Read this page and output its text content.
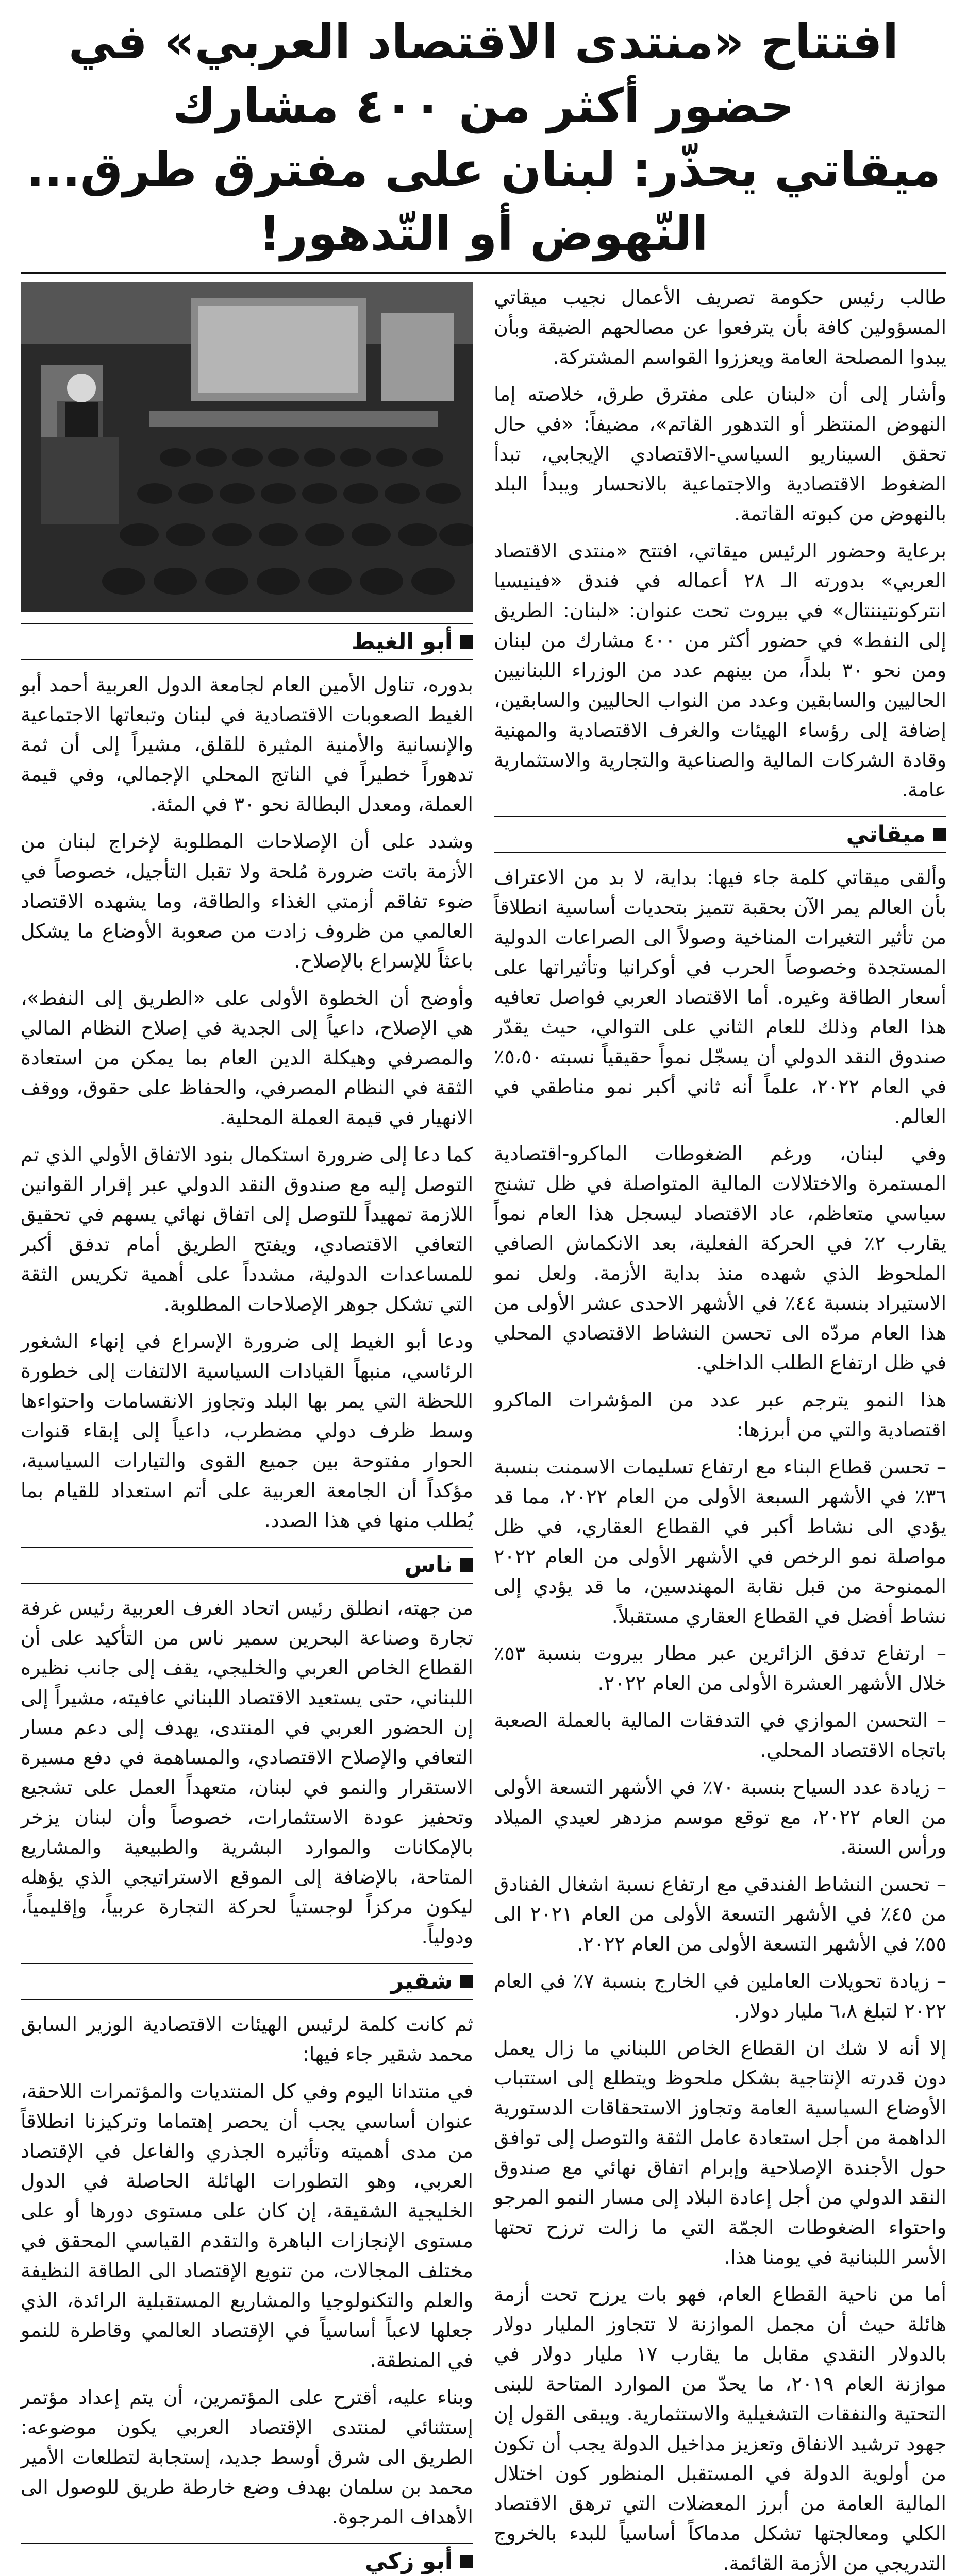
افتتاح «منتدى الاقتصاد العربي» في حضور أكثر من ٤٠٠ مشارك
ميقاتي يحذّر: لبنان على مفترق طرق... النّهوض أو التّدهور!

طالب رئيس حكومة تصريف الأعمال نجيب ميقاتي المسؤولين كافة بأن يترفعوا عن مصالحهم الضيقة وبأن يبدوا المصلحة العامة ويعززوا القواسم المشتركة.

وأشار إلى أن «لبنان على مفترق طرق، خلاصته إما النهوض المنتظر أو التدهور القاتم»، مضيفاً: «في حال تحقق السيناريو السياسي-الاقتصادي الإيجابي، تبدأ الضغوط الاقتصادية والاجتماعية بالانحسار ويبدأ البلد بالنهوض من كبوته القاتمة.

برعاية وحضور الرئيس ميقاتي، افتتح «منتدى الاقتصاد العربي» بدورته الـ ٢٨ أعماله في فندق «فينيسيا انتركونتيننتال» في بيروت تحت عنوان: «لبنان: الطريق إلى النفط» في حضور أكثر من ٤٠٠ مشارك من لبنان ومن نحو ٣٠ بلداً، من بينهم عدد من الوزراء اللبنانيين الحاليين والسابقين وعدد من النواب الحاليين والسابقين، إضافة إلى رؤساء الهيئات والغرف الاقتصادية والمهنية وقادة الشركات المالية والصناعية والتجارية والاستثمارية عامة.

ميقاتي

وألقى ميقاتي كلمة جاء فيها: بداية، لا بد من الاعتراف بأن العالم يمر الآن بحقبة تتميز بتحديات أساسية انطلاقاً من تأثير التغيرات المناخية وصولاً الى الصراعات الدولية المستجدة وخصوصاً الحرب في أوكرانيا وتأثيراتها على أسعار الطاقة وغيره. أما الاقتصاد العربي فواصل تعافيه هذا العام وذلك للعام الثاني على التوالي، حيث يقدّر صندوق النقد الدولي أن يسجّل نمواً حقيقياً نسبته ٥،٥٠٪ في العام ٢٠٢٢، علماً أنه ثاني أكبر نمو مناطقي في العالم.

وفي لبنان، ورغم الضغوطات الماكرو-اقتصادية المستمرة والاختلالات المالية المتواصلة في ظل تشنج سياسي متعاظم، عاد الاقتصاد ليسجل هذا العام نمواً يقارب ٢٪ في الحركة الفعلية، بعد الانكماش الصافي الملحوظ الذي شهده منذ بداية الأزمة. ولعل نمو الاستيراد بنسبة ٤٤٪ في الأشهر الاحدى عشر الأولى من هذا العام مردّه الى تحسن النشاط الاقتصادي المحلي في ظل ارتفاع الطلب الداخلي.

هذا النمو يترجم عبر عدد من المؤشرات الماكرو اقتصادية والتي من أبرزها:

– تحسن قطاع البناء مع ارتفاع تسليمات الاسمنت بنسبة ٣٦٪ في الأشهر السبعة الأولى من العام ٢٠٢٢، مما قد يؤدي الى نشاط أكبر في القطاع العقاري، في ظل مواصلة نمو الرخص في الأشهر الأولى من العام ٢٠٢٢ الممنوحة من قبل نقابة المهندسين، ما قد يؤدي إلى نشاط أفضل في القطاع العقاري مستقبلاً.

– ارتفاع تدفق الزائرين عبر مطار بيروت بنسبة ٥٣٪ خلال الأشهر العشرة الأولى من العام ٢٠٢٢.

– التحسن الموازي في التدفقات المالية بالعملة الصعبة باتجاه الاقتصاد المحلي.

– زيادة عدد السياح بنسبة ٧٠٪ في الأشهر التسعة الأولى من العام ٢٠٢٢، مع توقع موسم مزدهر لعيدي الميلاد ورأس السنة.

– تحسن النشاط الفندقي مع ارتفاع نسبة اشغال الفنادق من ٤٥٪ في الأشهر التسعة الأولى من العام ٢٠٢١ الى ٥٥٪ في الأشهر التسعة الأولى من العام ٢٠٢٢.

– زيادة تحويلات العاملين في الخارج بنسبة ٧٪ في العام ٢٠٢٢ لتبلغ ٦،٨ مليار دولار.

إلا أنه لا شك ان القطاع الخاص اللبناني ما زال يعمل دون قدرته الإنتاجية بشكل ملحوظ ويتطلع إلى استتباب الأوضاع السياسية العامة وتجاوز الاستحقاقات الدستورية الداهمة من أجل استعادة عامل الثقة والتوصل إلى توافق حول الأجندة الإصلاحية وإبرام اتفاق نهائي مع صندوق النقد الدولي من أجل إعادة البلاد إلى مسار النمو المرجو واحتواء الضغوطات الجمّة التي ما زالت ترزح تحتها الأسر اللبنانية في يومنا هذا.

أما من ناحية القطاع العام، فهو بات يرزح تحت أزمة هائلة حيث أن مجمل الموازنة لا تتجاوز المليار دولار بالدولار النقدي مقابل ما يقارب ١٧ مليار دولار في موازنة العام ٢٠١٩، ما يحدّ من الموارد المتاحة للبنى التحتية والنفقات التشغيلية والاستثمارية. ويبقى القول إن جهود ترشيد الانفاق وتعزيز مداخيل الدولة يجب أن تكون من أولوية الدولة في المستقبل المنظور كون اختلال المالية العامة من أبرز المعضلات التي ترهق الاقتصاد الكلي ومعالجتها تشكل مدماكاً أساسياً للبدء بالخروج التدريجي من الأزمة القائمة.

أبو الغيط

بدوره، تناول الأمين العام لجامعة الدول العربية أحمد أبو الغيط الصعوبات الاقتصادية في لبنان وتبعاتها الاجتماعية والإنسانية والأمنية المثيرة للقلق، مشيراً إلى أن ثمة تدهوراً خطيراً في الناتج المحلي الإجمالي، وفي قيمة العملة، ومعدل البطالة نحو ٣٠ في المئة.

وشدد على أن الإصلاحات المطلوبة لإخراج لبنان من الأزمة باتت ضرورة مُلحة ولا تقبل التأجيل، خصوصاً في ضوء تفاقم أزمتي الغذاء والطاقة، وما يشهده الاقتصاد العالمي من ظروف زادت من صعوبة الأوضاع ما يشكل باعثاً للإسراع بالإصلاح.

وأوضح أن الخطوة الأولى على «الطريق إلى النفط»، هي الإصلاح، داعياً إلى الجدية في إصلاح النظام المالي والمصرفي وهيكلة الدين العام بما يمكن من استعادة الثقة في النظام المصرفي، والحفاظ على حقوق، ووقف الانهيار في قيمة العملة المحلية.

كما دعا إلى ضرورة استكمال بنود الاتفاق الأولي الذي تم التوصل إليه مع صندوق النقد الدولي عبر إقرار القوانين اللازمة تمهيداً للتوصل إلى اتفاق نهائي يسهم في تحقيق التعافي الاقتصادي، ويفتح الطريق أمام تدفق أكبر للمساعدات الدولية، مشدداً على أهمية تكريس الثقة التي تشكل جوهر الإصلاحات المطلوبة.

ودعا أبو الغيط إلى ضرورة الإسراع في إنهاء الشغور الرئاسي، منبهاً القيادات السياسية الالتفات إلى خطورة اللحظة التي يمر بها البلد وتجاوز الانقسامات واحتواءها وسط ظرف دولي مضطرب، داعياً إلى إبقاء قنوات الحوار مفتوحة بين جميع القوى والتيارات السياسية، مؤكداً أن الجامعة العربية على أتم استعداد للقيام بما يُطلب منها في هذا الصدد.

ناس

من جهته، انطلق رئيس اتحاد الغرف العربية رئيس غرفة تجارة وصناعة البحرين سمير ناس من التأكيد على أن القطاع الخاص العربي والخليجي، يقف إلى جانب نظيره اللبناني، حتى يستعيد الاقتصاد اللبناني عافيته، مشيراً إلى إن الحضور العربي في المنتدى، يهدف إلى دعم مسار التعافي والإصلاح الاقتصادي، والمساهمة في دفع مسيرة الاستقرار والنمو في لبنان، متعهداً العمل على تشجيع وتحفيز عودة الاستثمارات، خصوصاً وأن لبنان يزخر بالإمكانات والموارد البشرية والطبيعية والمشاريع المتاحة، بالإضافة إلى الموقع الاستراتيجي الذي يؤهله ليكون مركزاً لوجستياً لحركة التجارة عربياً، وإقليمياً، ودولياً.

شقير

ثم كانت كلمة لرئيس الهيئات الاقتصادية الوزير السابق محمد شقير جاء فيها:

في منتدانا اليوم وفي كل المنتديات والمؤتمرات اللاحقة، عنوان أساسي يجب أن يحصر إهتماما وتركيزنا انطلاقاً من مدى أهميته وتأثيره الجذري والفاعل في الإقتصاد العربي، وهو التطورات الهائلة الحاصلة في الدول الخليجية الشقيقة، إن كان على مستوى دورها أو على مستوى الإنجازات الباهرة والتقدم القياسي المحقق في مختلف المجالات، من تنويع الإقتصاد الى الطاقة النظيفة والعلم والتكنولوجيا والمشاريع المستقبلية الرائدة، الذي جعلها لاعباً أساسياً في الإقتصاد العالمي وقاطرة للنمو في المنطقة.

وبناء عليه، أقترح على المؤتمرين، أن يتم إعداد مؤتمر إستثنائي لمنتدى الإقتصاد العربي يكون موضوعه: الطريق الى شرق أوسط جديد، إستجابة لتطلعات الأمير محمد بن سلمان بهدف وضع خارطة طريق للوصول الى الأهداف المرجوة.

أبو زكي
